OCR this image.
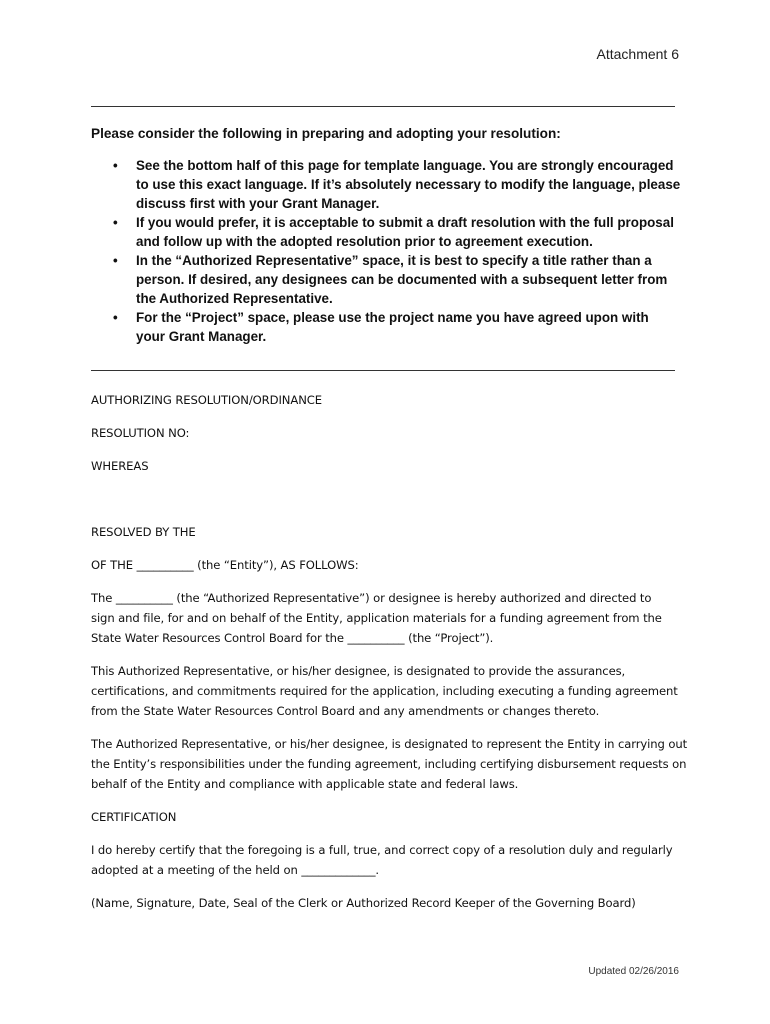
Attachment 6
Please consider the following in preparing and adopting your resolution:
• See the bottom half of this page for template language. You are strongly encouraged to use this exact language. If it’s absolutely necessary to modify the language, please discuss first with your Grant Manager.
• If you would prefer, it is acceptable to submit a draft resolution with the full proposal and follow up with the adopted resolution prior to agreement execution.
• In the “Authorized Representative” space, it is best to specify a title rather than a person. If desired, any designees can be documented with a subsequent letter from the Authorized Representative.
• For the “Project” space, please use the project name you have agreed upon with your Grant Manager.
AUTHORIZING RESOLUTION/ORDINANCE
RESOLUTION NO:
WHEREAS
RESOLVED BY THE
OF THE __________ (the “Entity”), AS FOLLOWS:
The __________ (the “Authorized Representative”) or designee is hereby authorized and directed to
sign and file, for and on behalf of the Entity, application materials for a funding agreement from the
State Water Resources Control Board for the __________ (the “Project”).
This Authorized Representative, or his/her designee, is designated to provide the assurances,
certifications, and commitments required for the application, including executing a funding agreement
from the State Water Resources Control Board and any amendments or changes thereto.
The Authorized Representative, or his/her designee, is designated to represent the Entity in carrying out
the Entity’s responsibilities under the funding agreement, including certifying disbursement requests on
behalf of the Entity and compliance with applicable state and federal laws.
CERTIFICATION
I do hereby certify that the foregoing is a full, true, and correct copy of a resolution duly and regularly
adopted at a meeting of the held on _____________.
(Name, Signature, Date, Seal of the Clerk or Authorized Record Keeper of the Governing Board)
Updated 02/26/2016
